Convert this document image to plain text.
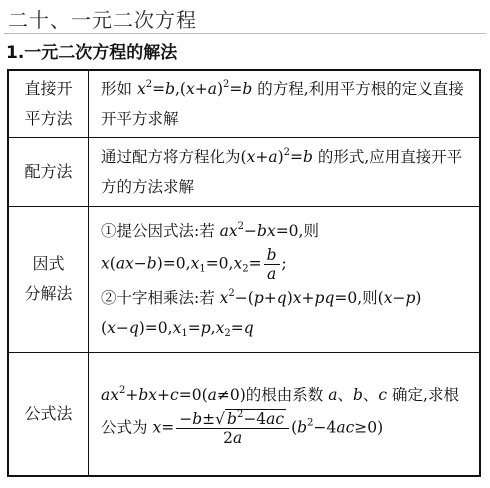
二十、一元二次方程
1.一元二次方程的解法
直接开
平方法	形如 $x^2=b,(x+a)^2=b$ 的方程,利用平方根的定义直接开平方求解

配方法	通过配方将方程化为$(x+a)^2=b$ 的形式,应用直接开平方的方法求解

因式
分解法	①提公因式法:若 $ax^2-bx=0$,则 $x(ax-b)=0,x_1=0,x_2= \frac{b}{a}$ ;
②十字相乘法:若 $x^2-(p+q)x+pq=0$,则$(x-p)(x-q)=0,x_1=p,x_2=q$

公式法	$ax^2+bx+c=0(a\ne 0)$的根由系数 a、b、c 确定,求根公式为 $x= \frac{-b\pm√ b^2-4ac}{2a} (b^2-4ac\ge 0)$
